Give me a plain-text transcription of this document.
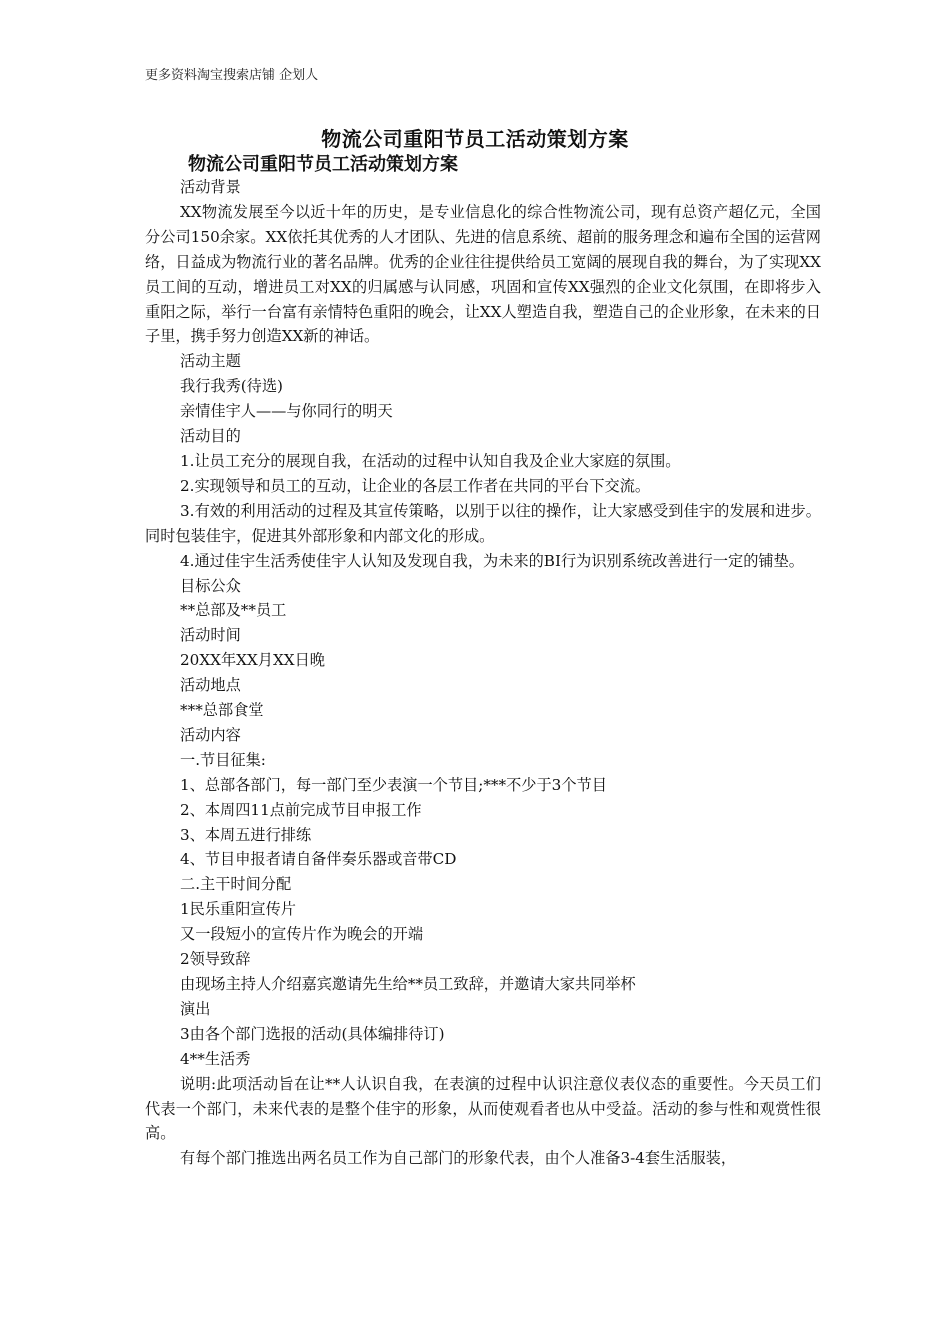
更多资料淘宝搜索店铺 企划人
物流公司重阳节员工活动策划方案
物流公司重阳节员工活动策划方案

活动背景

XX物流发展至今以近十年的历史，是专业信息化的综合性物流公司，现有总资产超亿元，全国分公司150余家。XX依托其优秀的人才团队、先进的信息系统、超前的服务理念和遍布全国的运营网络，日益成为物流行业的著名品牌。优秀的企业往往提供给员工宽阔的展现自我的舞台，为了实现XX员工间的互动，增进员工对XX的归属感与认同感，巩固和宣传XX强烈的企业文化氛围，在即将步入重阳之际，举行一台富有亲情特色重阳的晚会，让XX人塑造自我，塑造自己的企业形象，在未来的日子里，携手努力创造XX新的神话。

活动主题

我行我秀(待选)

亲情佳宇人——与你同行的明天

活动目的

1.让员工充分的展现自我，在活动的过程中认知自我及企业大家庭的氛围。

2.实现领导和员工的互动，让企业的各层工作者在共同的平台下交流。

3.有效的利用活动的过程及其宣传策略，以别于以往的操作，让大家感受到佳宇的发展和进步。同时包装佳宇，促进其外部形象和内部文化的形成。

4.通过佳宇生活秀使佳宇人认知及发现自我，为未来的BI行为识别系统改善进行一定的铺垫。

目标公众

**总部及**员工

活动时间

20XX年XX月XX日晚

活动地点

***总部食堂

活动内容

一.节目征集:

1、总部各部门，每一部门至少表演一个节目;***不少于3个节目

2、本周四11点前完成节目申报工作

3、本周五进行排练

4、节目申报者请自备伴奏乐器或音带CD

二.主干时间分配

1民乐重阳宣传片

又一段短小的宣传片作为晚会的开端

2领导致辞

由现场主持人介绍嘉宾邀请先生给**员工致辞，并邀请大家共同举杯

演出

3由各个部门选报的活动(具体编排待订)

4**生活秀

说明:此项活动旨在让**人认识自我，在表演的过程中认识注意仪表仪态的重要性。今天员工们代表一个部门，未来代表的是整个佳宇的形象，从而使观看者也从中受益。活动的参与性和观赏性很高。

有每个部门推选出两名员工作为自己部门的形象代表，由个人准备3-4套生活服装，
